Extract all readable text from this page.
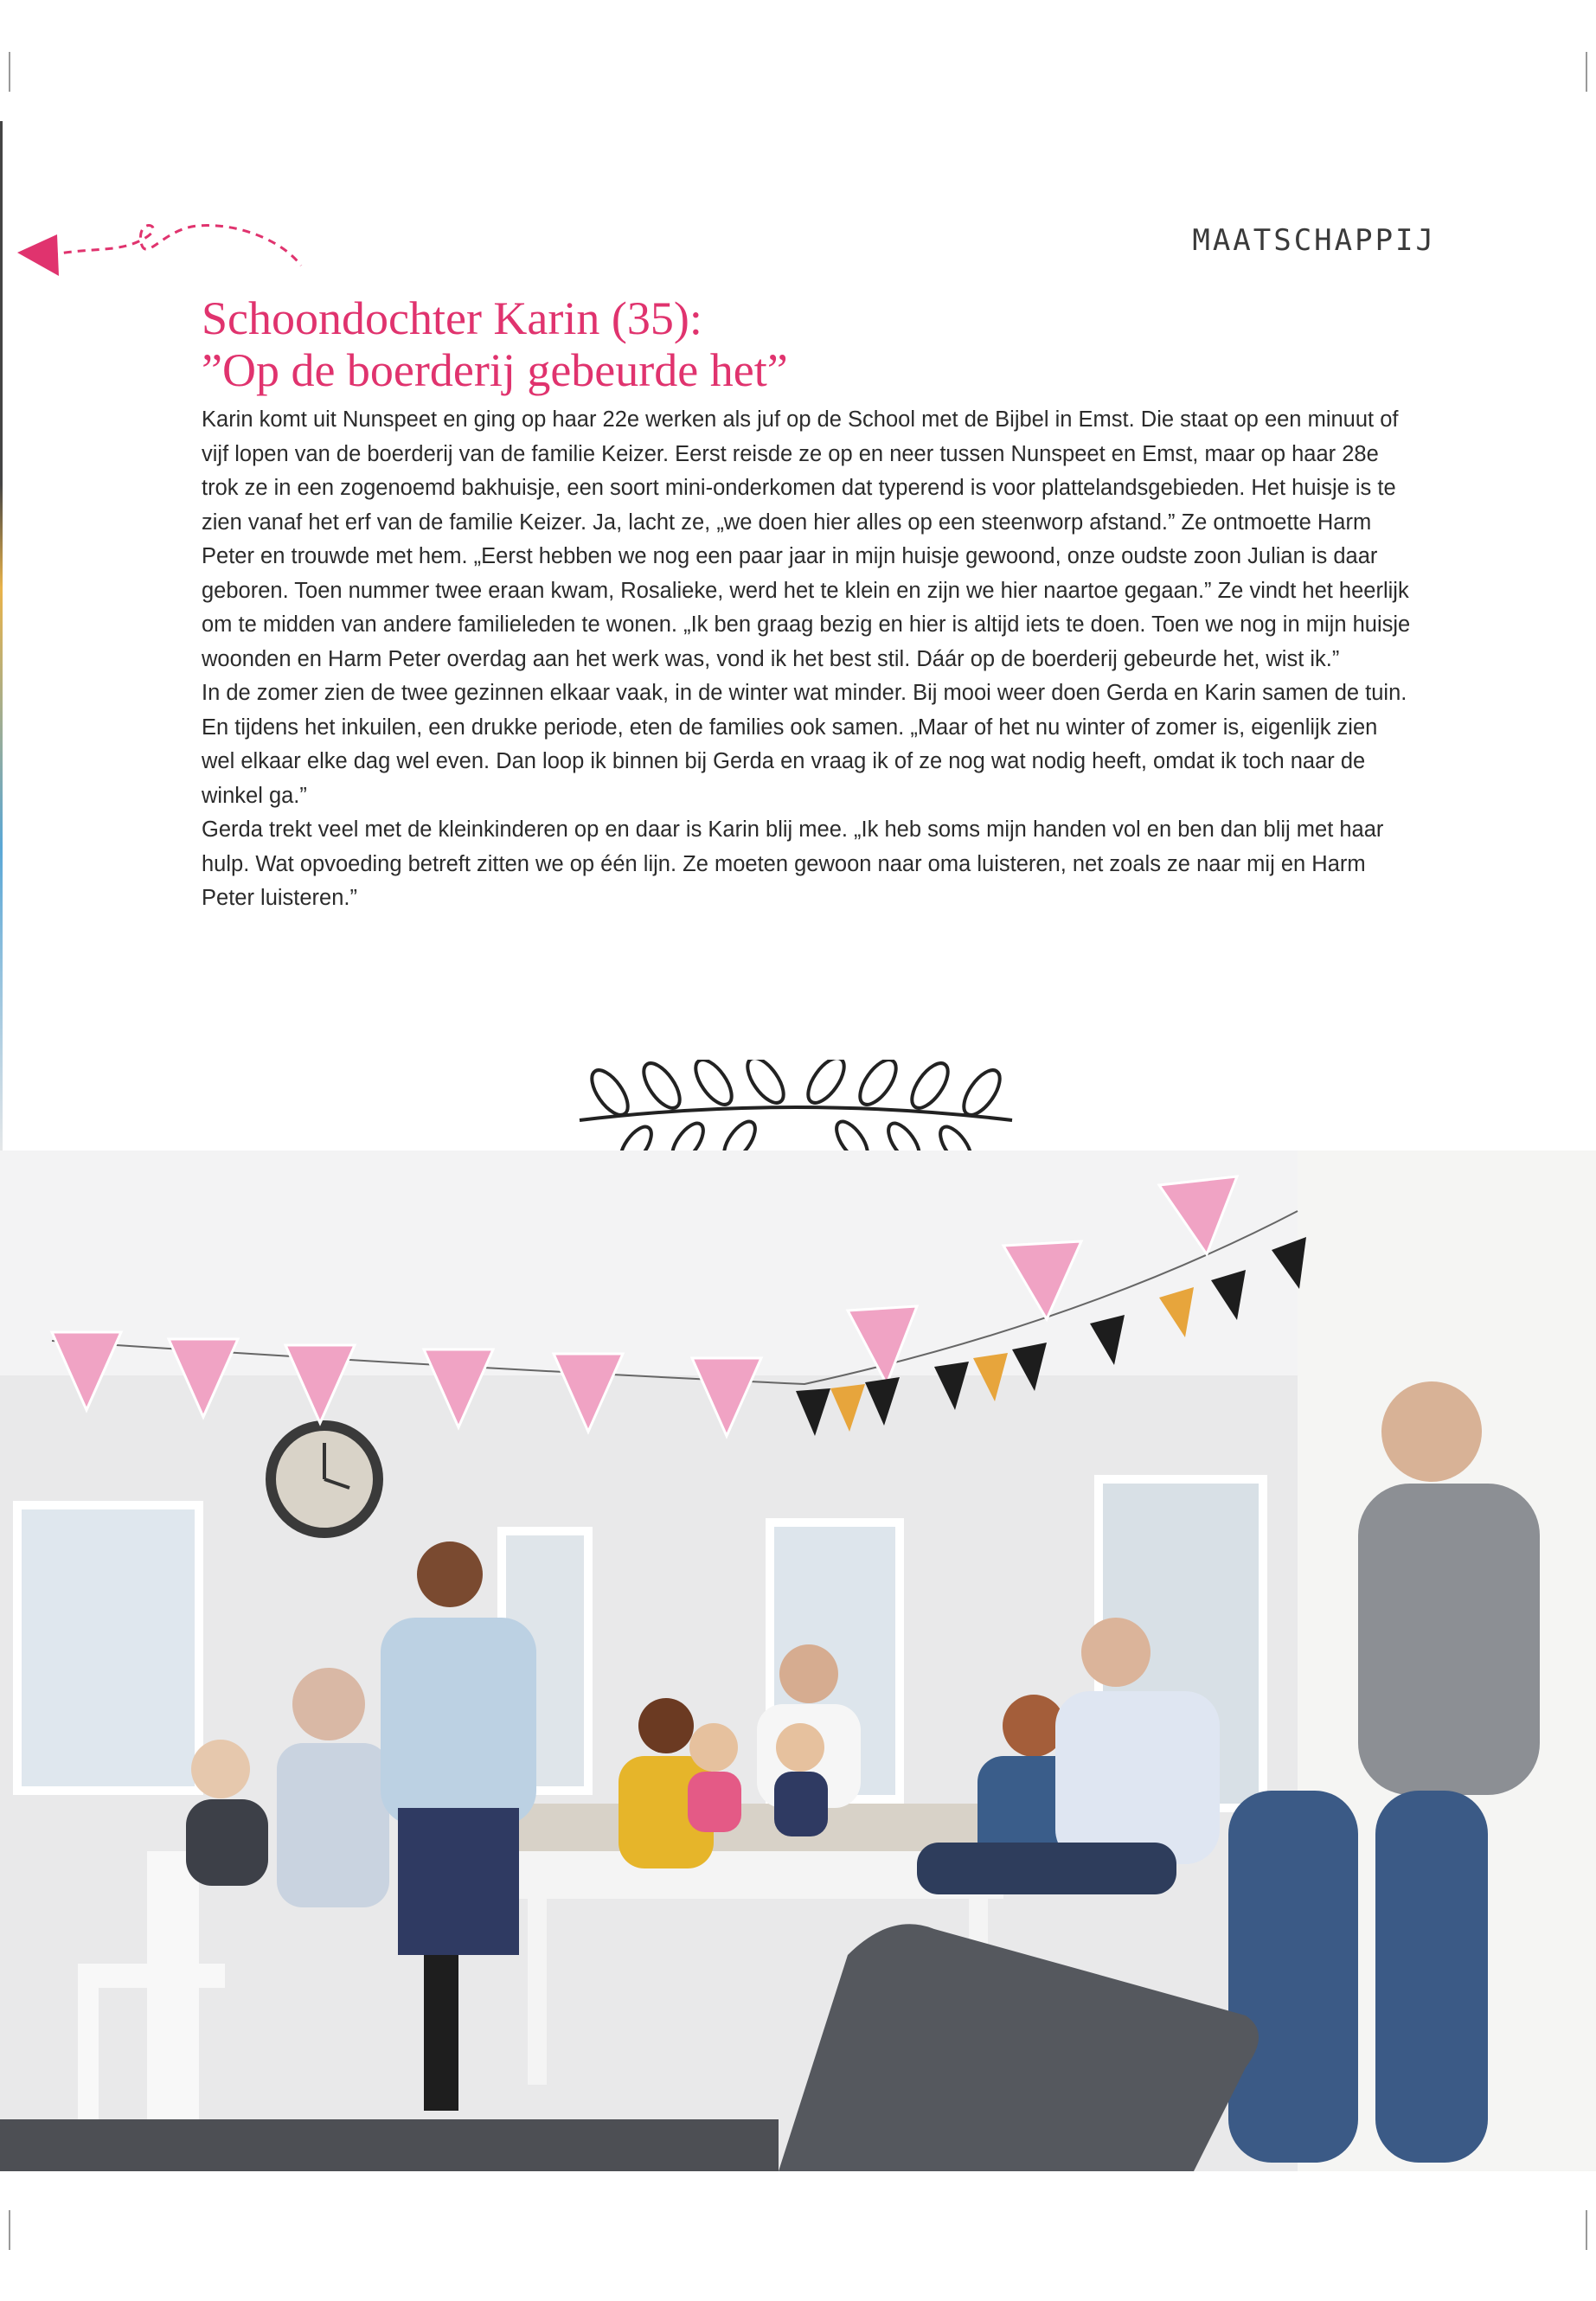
MAATSCHAPPIJ
Schoondochter Karin (35):
”Op de boerderij gebeurde het”

Karin komt uit Nunspeet en ging op haar 22e werken als juf op de School met de Bijbel in Emst. Die staat op een minuut of vijf lopen van de boerderij van de familie Keizer. Eerst reisde ze op en neer tussen Nunspeet en Emst, maar op haar 28e trok ze in een zogenoemd bakhuisje, een soort mini-onderkomen dat typerend is voor plattelandsgebieden. Het huisje is te zien vanaf het erf van de familie Keizer. Ja, lacht ze, „we doen hier alles op een steenworp afstand.” Ze ontmoette Harm Peter en trouwde met hem. „Eerst hebben we nog een paar jaar in mijn huisje gewoond, onze oudste zoon Julian is daar geboren. Toen nummer twee eraan kwam, Rosalieke, werd het te klein en zijn we hier naartoe gegaan.” Ze vindt het heerlijk om te midden van andere familieleden te wonen. „Ik ben graag bezig en hier is altijd iets te doen. Toen we nog in mijn huisje woonden en Harm Peter overdag aan het werk was, vond ik het best stil. Dáár op de boerderij gebeurde het, wist ik.”

In de zomer zien de twee gezinnen elkaar vaak, in de winter wat minder. Bij mooi weer doen Gerda en Karin samen de tuin. En tijdens het inkuilen, een drukke periode, eten de families ook samen. „Maar of het nu winter of zomer is, eigenlijk zien wel elkaar elke dag wel even. Dan loop ik binnen bij Gerda en vraag ik of ze nog wat nodig heeft, omdat ik toch naar de winkel ga.”

Gerda trekt veel met de kleinkinderen op en daar is Karin blij mee. „Ik heb soms mijn handen vol en ben dan blij met haar hulp. Wat opvoeding betreft zitten we op één lijn. Ze moeten gewoon naar oma luisteren, net zoals ze naar mij en Harm Peter luisteren.”
